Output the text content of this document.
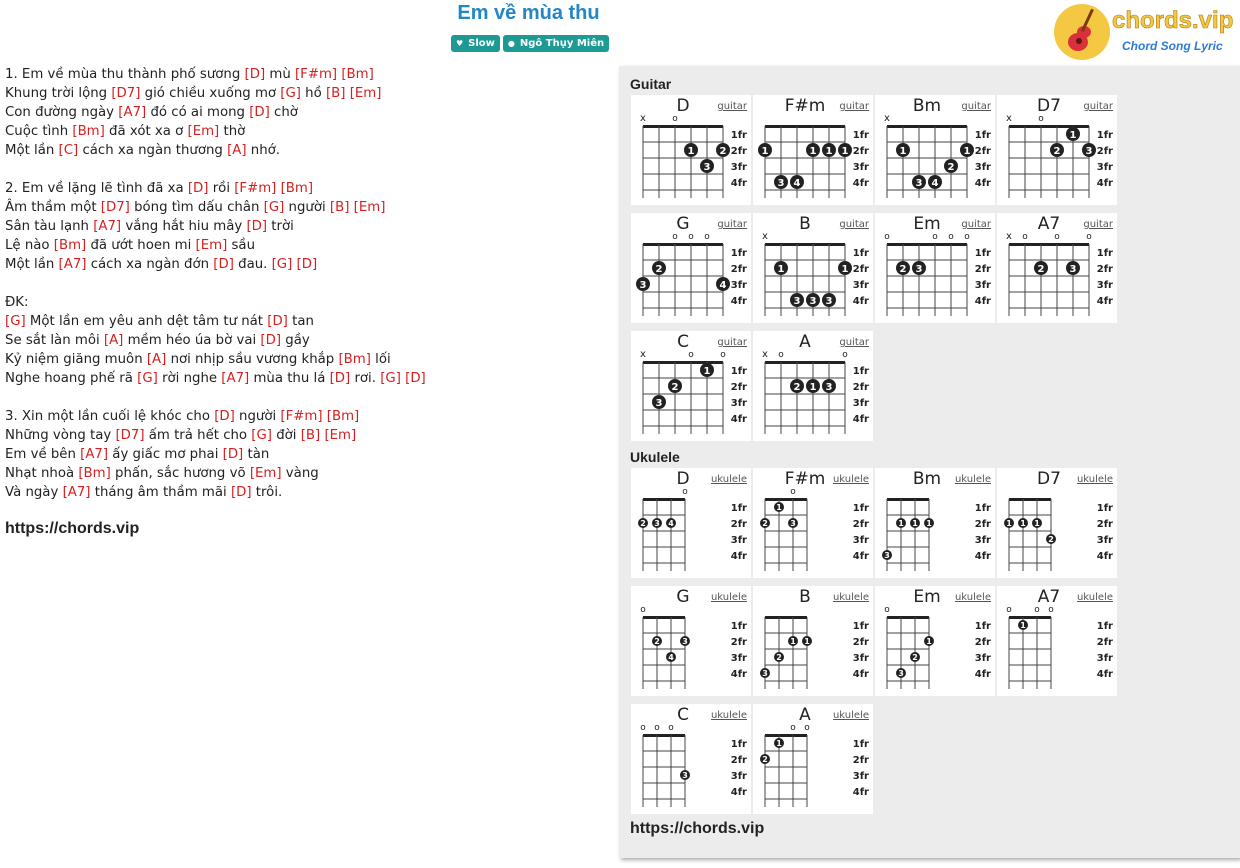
Em về mùa thu
♥ Slow ● Ngô Thụy Miên
chords.vip
Chord Song Lyric
1. Em về mùa thu thành phố sương [D] mù [F#m] [Bm]
Khung trời lộng [D7] gió chiều xuống mơ [G] hồ [B] [Em]
Con đường ngày [A7] đó có ai mong [D] chờ
Cuộc tình [Bm] đã xót xa ơ [Em] thờ
Một lần [C] cách xa ngàn thương [A] nhớ.
2. Em về lặng lẽ tình đã xa [D] rồi [F#m] [Bm]
Âm thầm một [D7] bóng tìm dấu chân [G] người [B] [Em]
Sân tàu lạnh [A7] vắng hắt hiu mây [D] trời
Lệ nào [Bm] đã ướt hoen mi [Em] sầu
Một lần [A7] cách xa ngàn đớn [D] đau. [G] [D]
ĐK:
[G] Một lần em yêu anh dệt tâm tư nát [D] tan
Se sắt làn môi [A] mềm héo úa bờ vai [D] gầy
Kỷ niệm giăng muôn [A] nơi nhịp sầu vương khắp [Bm] lối
Nghe hoang phế rã [G] rời nghe [A7] mùa thu lá [D] rơi. [G] [D]
3. Xin một lần cuối lệ khóc cho [D] người [F#m] [Bm]
Những vòng tay [D7] ấm trả hết cho [G] đời [B] [Em]
Em về bên [A7] ấy giấc mơ phai [D] tàn
Nhạt nhoà [Bm] phấn, sắc hương võ [Em] vàng
Và ngày [A7] tháng âm thầm mãi [D] trôi.
https://chords.vip
Guitar
Ukulele
x	o
1fr
2fr
3fr
4fr
1
3
2
D	guitar
1fr
2fr
3fr
4fr
1	1 1 1
3 4
F#m	guitar
x
1fr
2fr
3fr
4fr
1	1
2
3 4
Bm	guitar
x	o
1fr
2fr
3fr
4fr
1
2	3
D7	guitar
o o o
1fr
2fr
3fr
4fr
2
3	4
G	guitar
x
1fr
2fr
3fr
4fr
1	1
3 3 3
B	guitar
o	o o o
1fr
2fr
3fr
4fr
2 3
Em	guitar
x o	o	o
1fr
2fr
3fr
4fr
2	3
A7	guitar
x	o	o
1fr
2fr
3fr
4fr
1
2
3
C	guitar
x o	o
1fr
2fr
3fr
4fr
2 1 3
A	guitar
o
1fr
2fr
3fr
4fr
2 3 4
D	ukulele
o
1fr
2fr
3fr
4fr
1
2	3
F#m ukulele
1fr
2fr
3fr
4fr
1 1 1
3
Bm	ukulele
1fr
2fr
3fr
4fr
1 1 1
2
D7	ukulele
o
1fr
2fr
3fr
4fr
2	3
4
G	ukulele
1fr
2fr
3fr
4fr
1 1
2
3
B	ukulele
o
1fr
2fr
3fr
4fr
1
2
3
Em	ukulele
o o o
1fr
2fr
3fr
4fr
1
A7	ukulele
o o o
1fr
2fr
3fr
4fr
3
C	ukulele
o o
1fr
2fr
3fr
4fr
1
2
A	ukulele
https://chords.vip
